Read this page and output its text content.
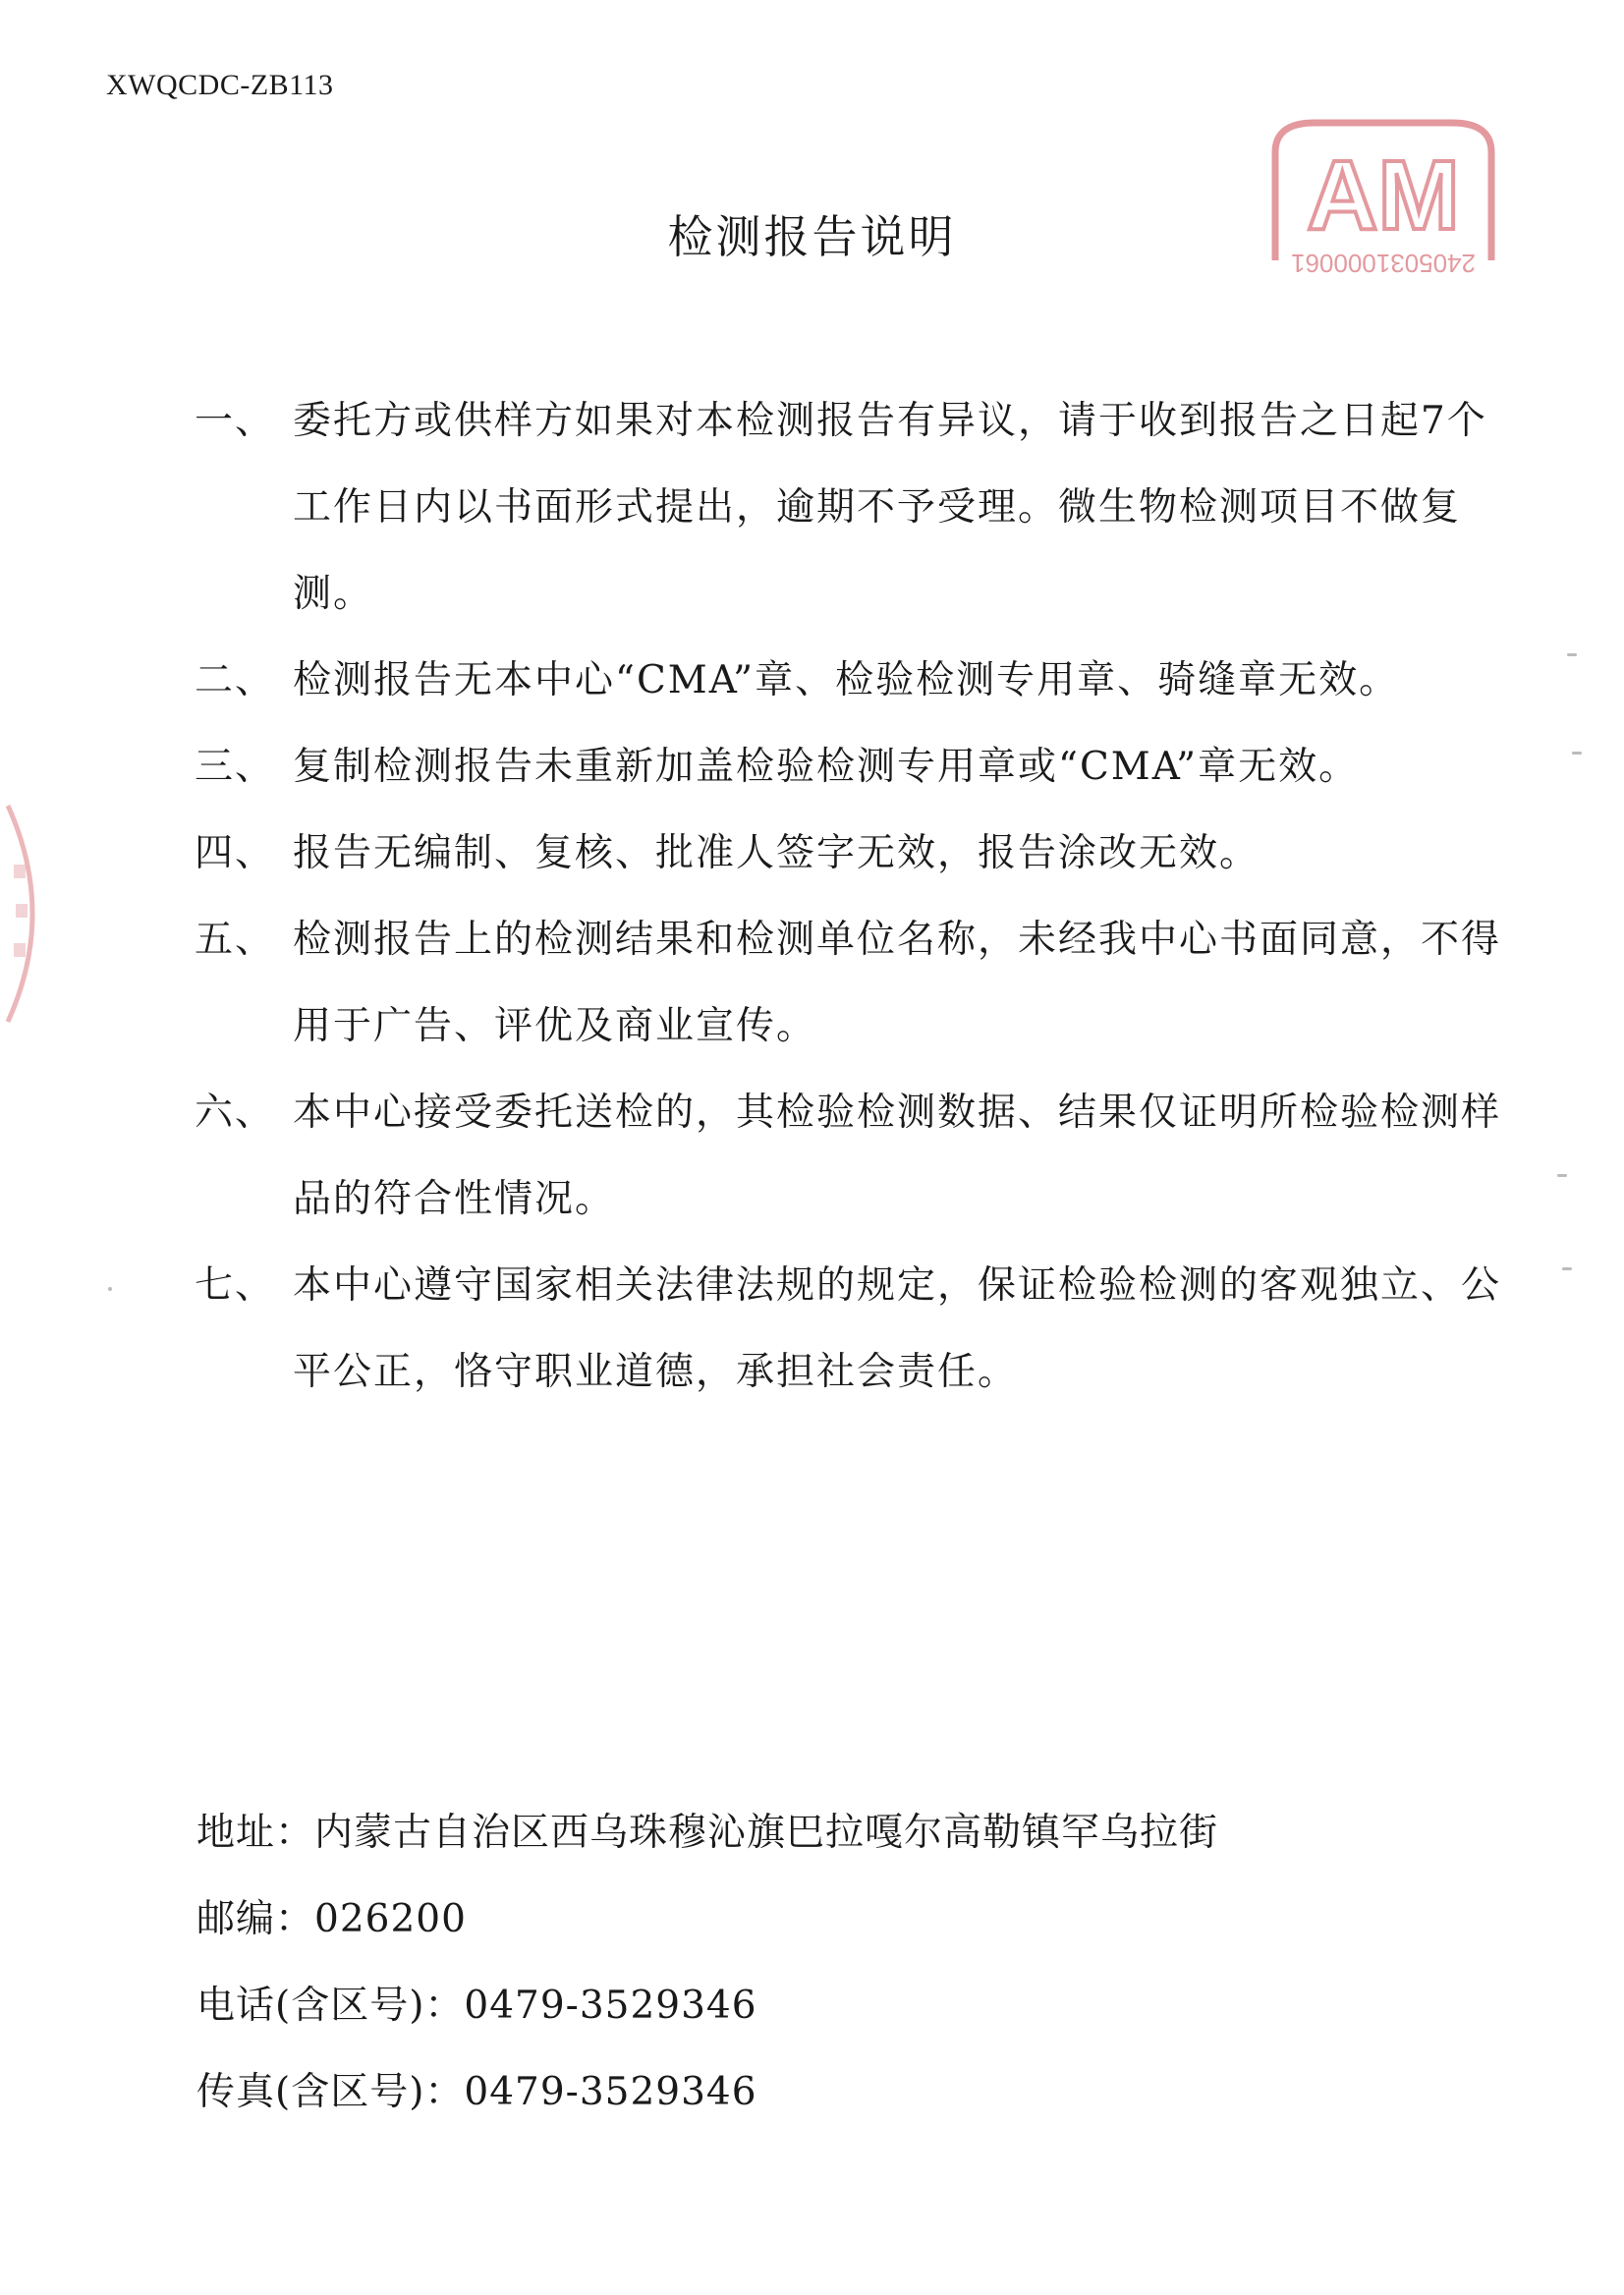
XWQCDC-ZB113
AM
2405031000061
检测报告说明
一、 委托方或供样方如果对本检测报告有异议，请于收到报告之日起7个工作日内以书面形式提出，逾期不予受理。微生物检测项目不做复测。
二、 检测报告无本中心“CMA”章、检验检测专用章、骑缝章无效。
三、 复制检测报告未重新加盖检验检测专用章或“CMA”章无效。
四、 报告无编制、复核、批准人签字无效，报告涂改无效。
五、 检测报告上的检测结果和检测单位名称，未经我中心书面同意，不得用于广告、评优及商业宣传。
六、 本中心接受委托送检的，其检验检测数据、结果仅证明所检验检测样品的符合性情况。
七、 本中心遵守国家相关法律法规的规定，保证检验检测的客观独立、公平公正，恪守职业道德，承担社会责任。
地址：内蒙古自治区西乌珠穆沁旗巴拉嘎尔高勒镇罕乌拉街
邮编：026200
电话(含区号)：0479-3529346
传真(含区号)：0479-3529346
